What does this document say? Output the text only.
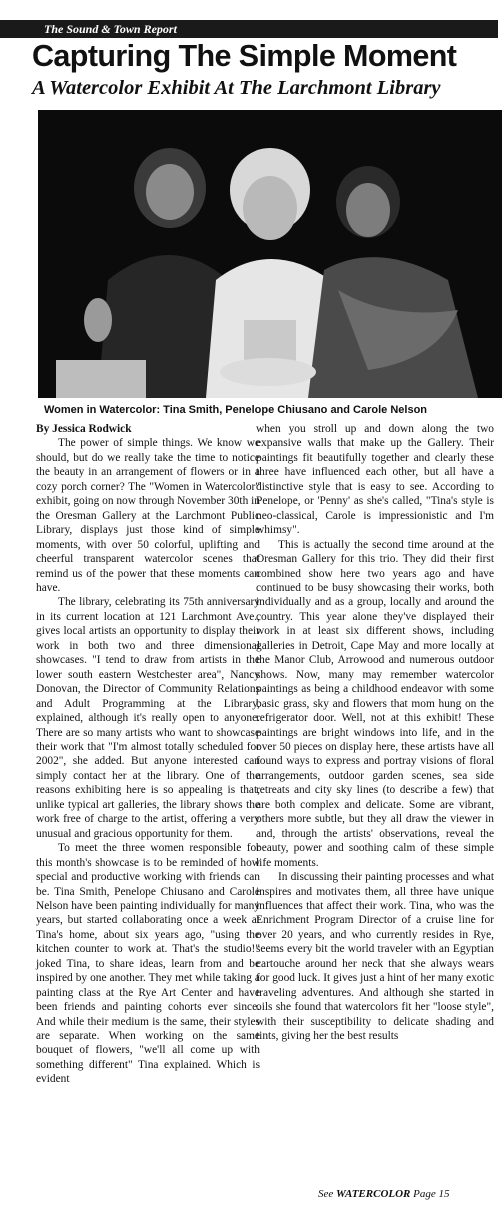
The Sound & Town Report
Capturing The Simple Moment
A Watercolor Exhibit At The Larchmont Library
Women in Watercolor: Tina Smith, Penelope Chiusano and Carole Nelson

By Jessica Rodwick

The power of simple things. We know we should, but do we really take the time to notice the beauty in an arrangement of flowers or in a cozy porch corner? The "Women in Watercolor" exhibit, going on now through November 30th in the Oresman Gallery at the Larchmont Public Library, displays just those kind of simple moments, with over 50 colorful, uplifting and cheerful transparent watercolor scenes that remind us of the power that these moments can have.

The library, celebrating its 75th anniversary in its current location at 121 Larchmont Ave., gives local artists an opportunity to display their work in both two and three dimensional showcases. "I tend to draw from artists in the lower south eastern Westchester area", Nancy Donovan, the Director of Community Relations and Adult Programming at the Library, explained, although it's really open to anyone. There are so many artists who want to showcase their work that "I'm almost totally scheduled for 2002", she added. But anyone interested can simply contact her at the library. One of the reasons exhibiting here is so appealing is that, unlike typical art galleries, the library shows the work free of charge to the artist, offering a very unusual and gracious opportunity for them.

To meet the three women responsible for this month's showcase is to be reminded of how special and productive working with friends can be. Tina Smith, Penelope Chiusano and Carole Nelson have been painting individually for many years, but started collaborating once a week at Tina's home, about six years ago, "using the kitchen counter to work at. That's the studio!" joked Tina, to share ideas, learn from and be inspired by one another. They met while taking a painting class at the Rye Art Center and have been friends and painting cohorts ever since. And while their medium is the same, their styles are separate. When working on the same bouquet of flowers, "we'll all come up with something different" Tina explained. Which is evident

when you stroll up and down along the two expansive walls that make up the Gallery. Their paintings fit beautifully together and clearly these three have influenced each other, but all have a distinctive style that is easy to see. According to Penelope, or 'Penny' as she's called, "Tina's style is neo-classical, Carole is impressionistic and I'm whimsy".

This is actually the second time around at the Oresman Gallery for this trio. They did their first combined show here two years ago and have continued to be busy showcasing their works, both individually and as a group, locally and around the country. This year alone they've displayed their work in at least six different shows, including galleries in Detroit, Cape May and more locally at the Manor Club, Arrowood and numerous outdoor shows. Now, many may remember watercolor paintings as being a childhood endeavor with some basic grass, sky and flowers that mom hung on the refrigerator door. Well, not at this exhibit! These paintings are bright windows into life, and in the over 50 pieces on display here, these artists have all found ways to express and portray visions of floral arrangements, outdoor garden scenes, sea side retreats and city sky lines (to describe a few) that are both complex and delicate. Some are vibrant, others more subtle, but they all draw the viewer in and, through the artists' observations, reveal the beauty, power and soothing calm of these simple life moments.

In discussing their painting processes and what inspires and motivates them, all three have unique influences that affect their work. Tina, who was the Enrichment Program Director of a cruise line for over 20 years, and who currently resides in Rye, seems every bit the world traveler with an Egyptian cartouche around her neck that she always wears for good luck. It gives just a hint of her many exotic traveling adventures. And although she started in oils she found that watercolors fit her "loose style", with their susceptibility to delicate shading and tints, giving her the best results

See WATERCOLOR Page 15
